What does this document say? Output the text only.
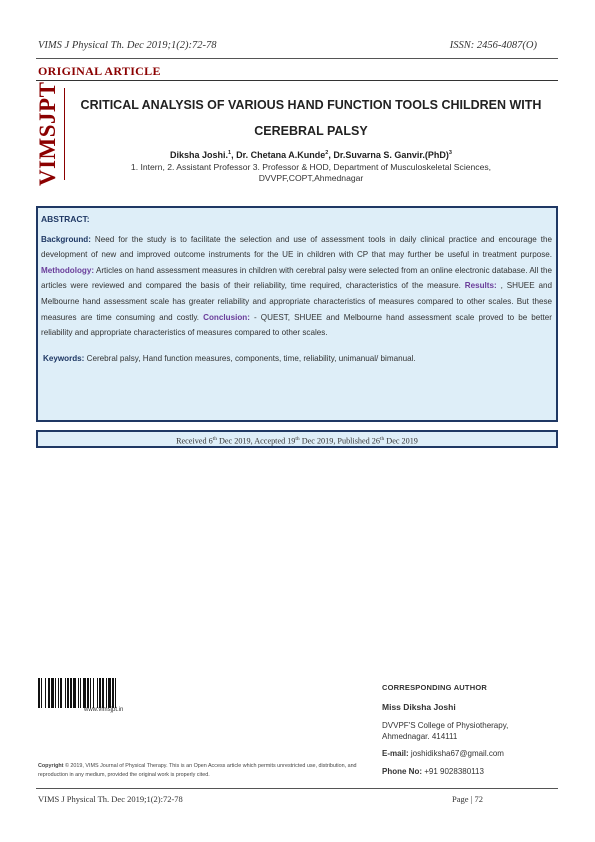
VIMS J Physical Th. Dec 2019;1(2):72-78	ISSN: 2456-4087(O)
ORIGINAL ARTICLE
VIMSJPT	CRITICAL ANALYSIS OF VARIOUS HAND FUNCTION TOOLS CHILDREN WITH CEREBRAL PALSY
Diksha Joshi.$^1$, Dr. Chetana A.Kunde$^2$, Dr.Suvarna S. Ganvir.(PhD)$^3$
1. Intern, 2. Assistant Professor 3. Professor & HOD, Department of Musculoskeletal Sciences,
DVVPF,COPT,Ahmednagar
ABSTRACT:
Background: Need for the study is to facilitate the selection and use of assessment tools in daily clinical practice and encourage the development of new and improved outcome instruments for the UE in children with CP that may further be useful in treatment purpose. Methodology: Articles on hand assessment measures in children with cerebral palsy were selected from an online electronic database. All the articles were reviewed and compared the basis of their reliability, time required, characteristics of the measure. Results: , SHUEE and Melbourne hand assessment scale has greater reliability and appropriate characteristics of measures compared to other scales. But these measures are time consuming and costly. Conclusion: - QUEST, SHUEE and Melbourne hand assessment scale proved to be better reliability and appropriate characteristics of measures compared to other scales.
Keywords: Cerebral palsy, Hand function measures, components, time, reliability, unimanual/ bimanual.
Received 6th Dec 2019, Accepted 19th Dec 2019, Published 26th Dec 2019
www.vimsjpt.in
Copyright © 2019, VIMS Journal of Physical Therapy. This is an Open Access article which permits unrestricted use, distribution, and reproduction in any medium, provided the original work is properly cited.
CORRESPONDING AUTHOR
Miss Diksha Joshi
DVVPF'S College of Physiotherapy,
Ahmednagar. 414111
E-mail: joshidiksha67@gmail.com
Phone No: +91 9028380113
VIMS J Physical Th. Dec 2019;1(2):72-78	Page | 72
